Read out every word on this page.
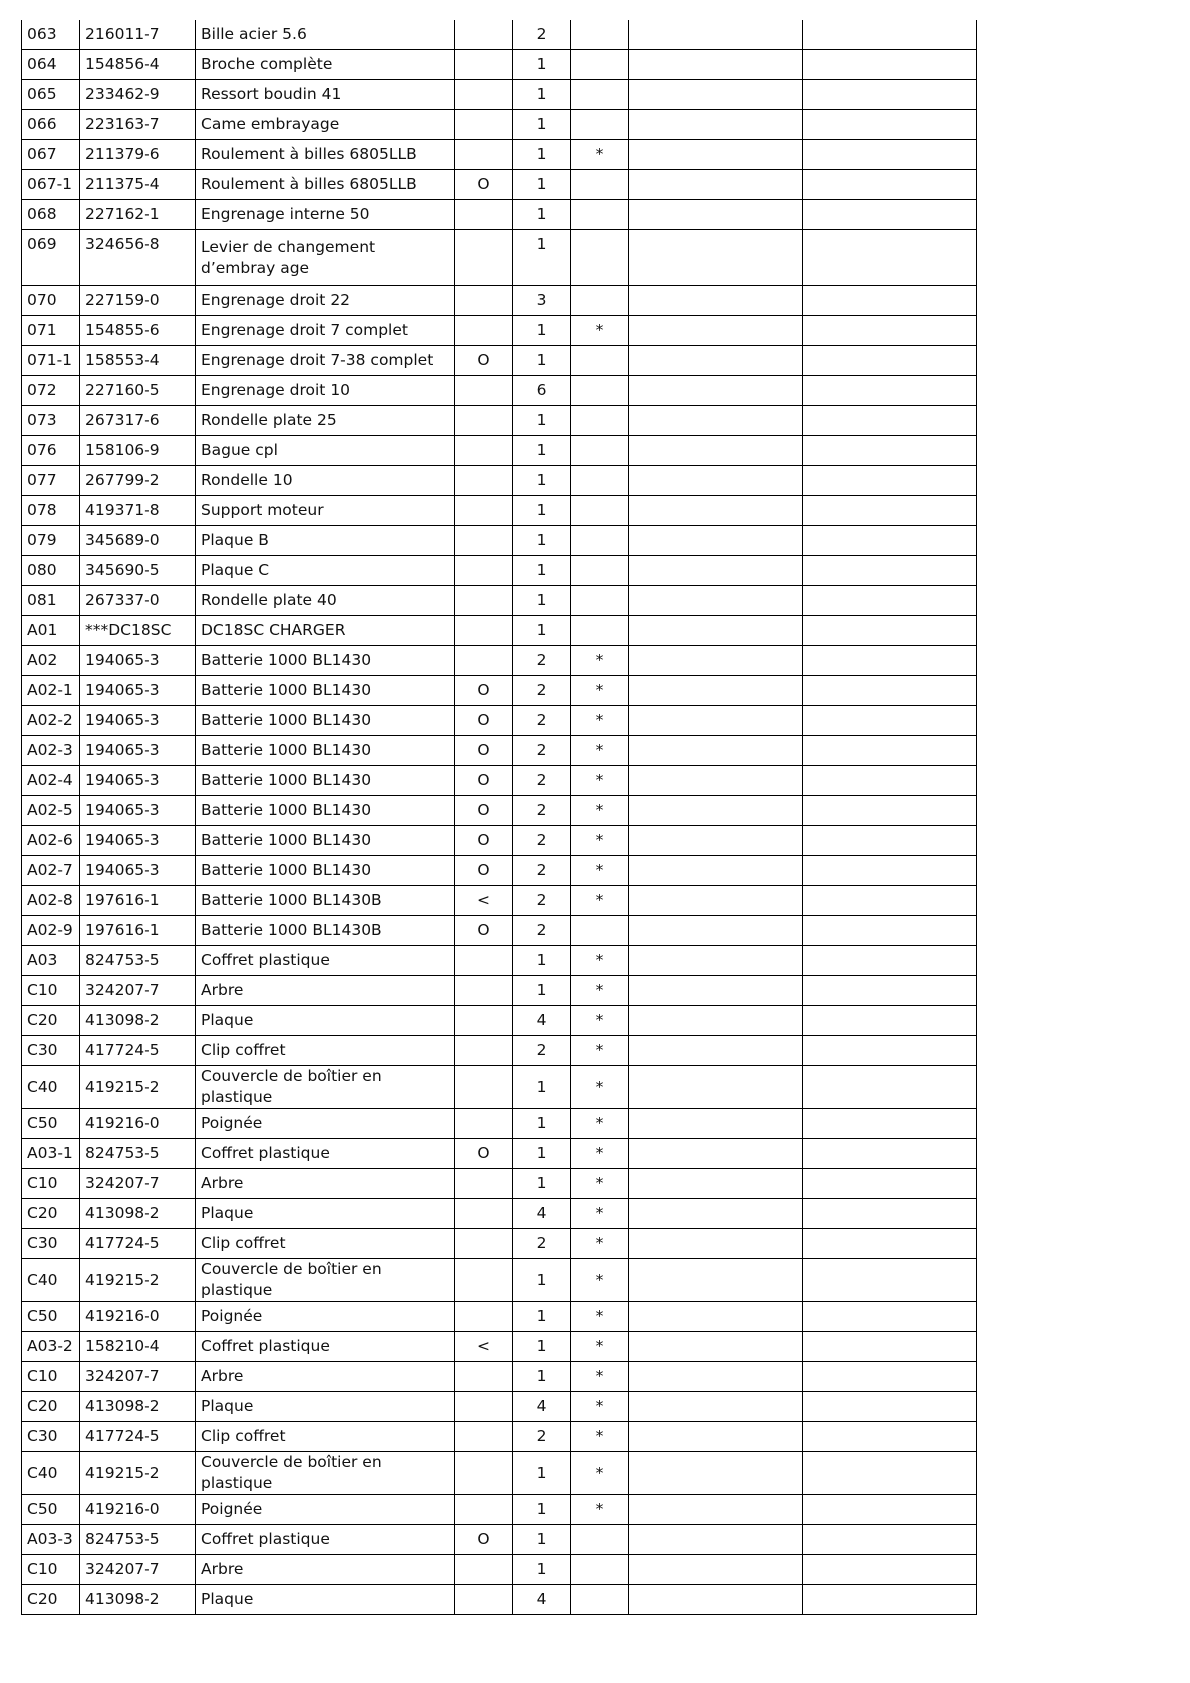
063	216011-7	Bille acier 5.6		2			
064	154856-4	Broche complète		1			
065	233462-9	Ressort boudin 41		1			
066	223163-7	Came embrayage		1			
067	211379-6	Roulement à billes 6805LLB		1	*		
067-1	211375-4	Roulement à billes 6805LLB	O	1			
068	227162-1	Engrenage interne 50		1			
069	324656-8	Levier de changement d’embray age		1			
070	227159-0	Engrenage droit 22		3			
071	154855-6	Engrenage droit 7 complet		1	*		
071-1	158553-4	Engrenage droit 7-38 complet	O	1			
072	227160-5	Engrenage droit 10		6			
073	267317-6	Rondelle plate 25		1			
076	158106-9	Bague cpl		1			
077	267799-2	Rondelle 10		1			
078	419371-8	Support moteur		1			
079	345689-0	Plaque B		1			
080	345690-5	Plaque C		1			
081	267337-0	Rondelle plate 40		1			
A01	***DC18SC	DC18SC CHARGER		1			
A02	194065-3	Batterie 1000 BL1430		2	*		
A02-1	194065-3	Batterie 1000 BL1430	O	2	*		
A02-2	194065-3	Batterie 1000 BL1430	O	2	*		
A02-3	194065-3	Batterie 1000 BL1430	O	2	*		
A02-4	194065-3	Batterie 1000 BL1430	O	2	*		
A02-5	194065-3	Batterie 1000 BL1430	O	2	*		
A02-6	194065-3	Batterie 1000 BL1430	O	2	*		
A02-7	194065-3	Batterie 1000 BL1430	O	2	*		
A02-8	197616-1	Batterie 1000 BL1430B	<	2	*		
A02-9	197616-1	Batterie 1000 BL1430B	O	2			
A03	824753-5	Coffret plastique		1	*		
C10	324207-7	Arbre		1	*		
C20	413098-2	Plaque		4	*		
C30	417724-5	Clip coffret		2	*		
C40	419215-2	Couvercle de boîtier en plastique		1	*		
C50	419216-0	Poignée		1	*		
A03-1	824753-5	Coffret plastique	O	1	*		
C10	324207-7	Arbre		1	*		
C20	413098-2	Plaque		4	*		
C30	417724-5	Clip coffret		2	*		
C40	419215-2	Couvercle de boîtier en plastique		1	*		
C50	419216-0	Poignée		1	*		
A03-2	158210-4	Coffret plastique	<	1	*		
C10	324207-7	Arbre		1	*		
C20	413098-2	Plaque		4	*		
C30	417724-5	Clip coffret		2	*		
C40	419215-2	Couvercle de boîtier en plastique		1	*		
C50	419216-0	Poignée		1	*		
A03-3	824753-5	Coffret plastique	O	1			
C10	324207-7	Arbre		1			
C20	413098-2	Plaque		4			
